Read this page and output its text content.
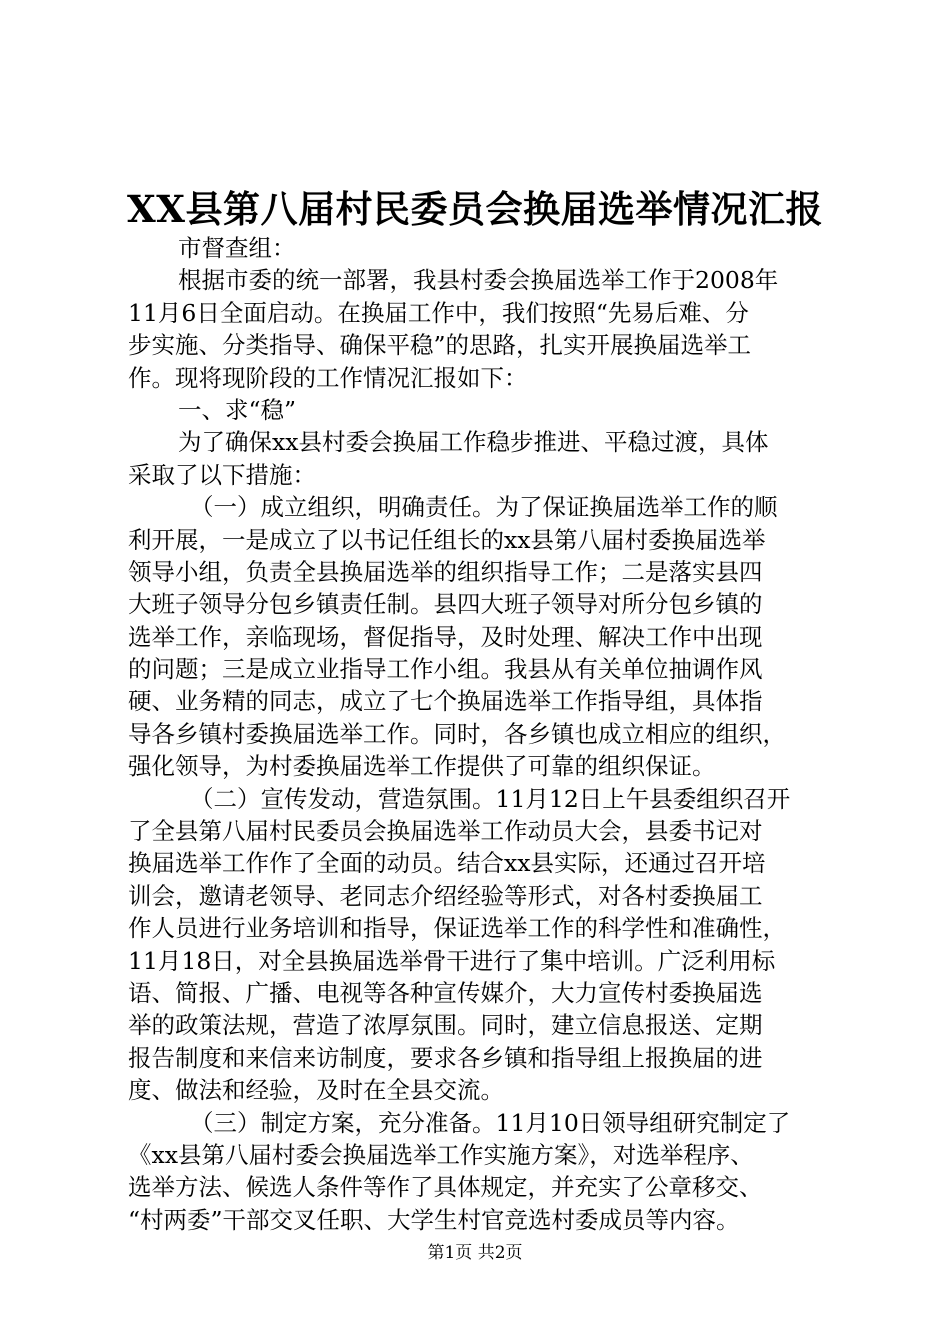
XX县第八届村民委员会换届选举情况汇报
市督查组：
根据市委的统一部署，我县村委会换届选举工作于2008年
11月6日全面启动。在换届工作中，我们按照“先易后难、分
步实施、分类指导、确保平稳”的思路，扎实开展换届选举工
作。现将现阶段的工作情况汇报如下：
一、求“稳”
为了确保xx县村委会换届工作稳步推进、平稳过渡，具体
采取了以下措施：
（一）成立组织，明确责任。为了保证换届选举工作的顺
利开展，一是成立了以书记任组长的xx县第八届村委换届选举
领导小组，负责全县换届选举的组织指导工作；二是落实县四
大班子领导分包乡镇责任制。县四大班子领导对所分包乡镇的
选举工作，亲临现场，督促指导，及时处理、解决工作中出现
的问题；三是成立业指导工作小组。我县从有关单位抽调作风
硬、业务精的同志，成立了七个换届选举工作指导组，具体指
导各乡镇村委换届选举工作。同时，各乡镇也成立相应的组织，
强化领导，为村委换届选举工作提供了可靠的组织保证。
（二）宣传发动，营造氛围。11月12日上午县委组织召开
了全县第八届村民委员会换届选举工作动员大会，县委书记对
换届选举工作作了全面的动员。结合xx县实际，还通过召开培
训会，邀请老领导、老同志介绍经验等形式，对各村委换届工
作人员进行业务培训和指导，保证选举工作的科学性和准确性，
11月18日，对全县换届选举骨干进行了集中培训。广泛利用标
语、简报、广播、电视等各种宣传媒介，大力宣传村委换届选
举的政策法规，营造了浓厚氛围。同时，建立信息报送、定期
报告制度和来信来访制度，要求各乡镇和指导组上报换届的进
度、做法和经验，及时在全县交流。
（三）制定方案，充分准备。11月10日领导组研究制定了
《xx县第八届村委会换届选举工作实施方案》，对选举程序、
选举方法、候选人条件等作了具体规定，并充实了公章移交、
“村两委”干部交叉任职、大学生村官竞选村委成员等内容。
第1页 共2页
